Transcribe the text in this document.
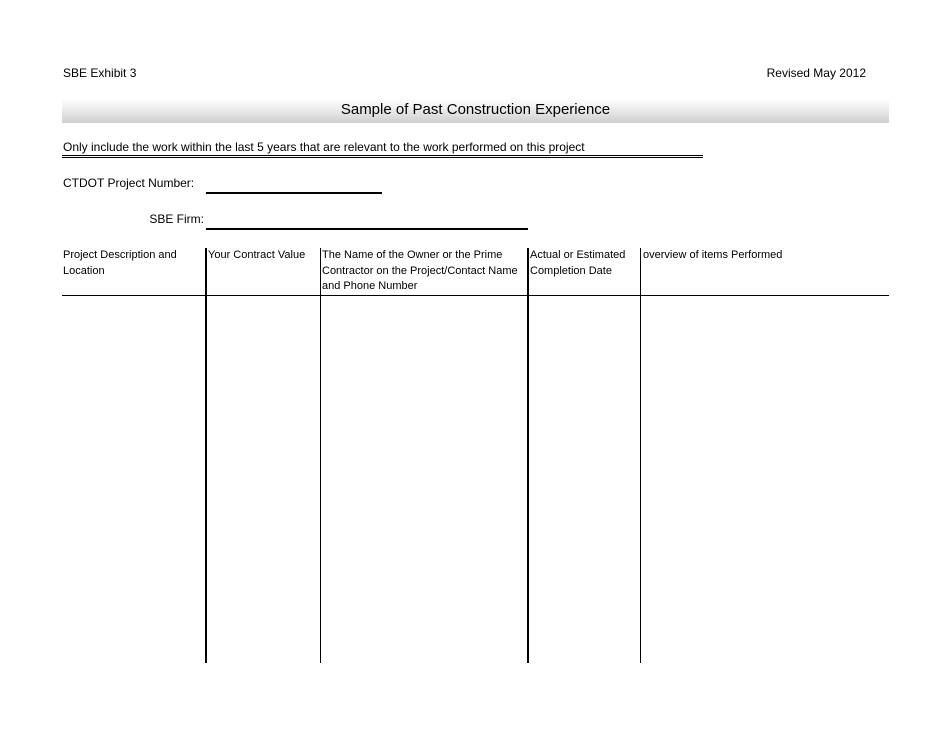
SBE Exhibit 3	Revised May 2012
Sample of Past Construction Experience
Only include the work within the last 5 years that are relevant to the work performed on this project
CTDOT Project Number:
SBE Firm:
Project Description and Location
Your Contract Value	The Name of the Owner or the Prime Contractor on the Project/Contact Name and Phone Number
Actual or Estimated Completion Date
overview of items Performed
